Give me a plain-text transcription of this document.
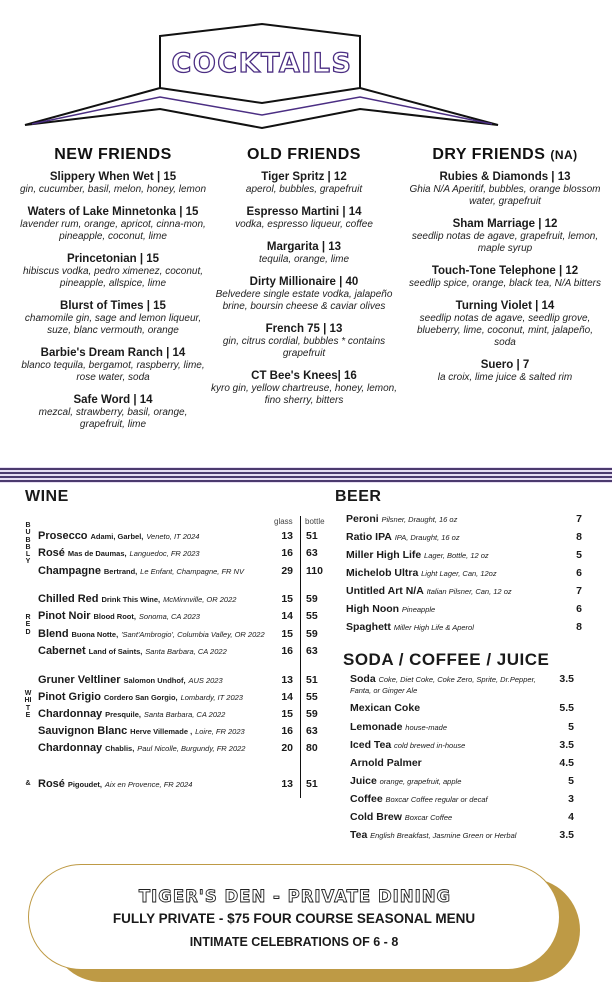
COCKTAILS
NEW FRIENDS
Slippery When Wet | 15
gin, cucumber, basil, melon, honey, lemon
Waters of Lake Minnetonka | 15
lavender rum, orange, apricot, cinna-mon, pineapple, coconut, lime
Princetonian | 15
hibiscus vodka, pedro ximenez, coconut, pineapple, allspice, lime
Blurst of Times | 15
chamomile gin, sage and lemon liqueur, suze, blanc vermouth, orange
Barbie's Dream Ranch | 14
blanco tequila, bergamot, raspberry, lime, rose water, soda
Safe Word | 14
mezcal, strawberry, basil, orange, grapefruit, lime
OLD FRIENDS
Tiger Spritz | 12
aperol, bubbles, grapefruit
Espresso Martini | 14
vodka, espresso liqueur, coffee
Margarita | 13
tequila, orange, lime
Dirty Millionaire | 40
Belvedere single estate vodka, jalapeño brine, boursin cheese & caviar olives
French 75 | 13
gin, citrus cordial, bubbles * contains grapefruit
CT Bee's Knees| 16
kyro gin, yellow chartreuse, honey, lemon, fino sherry, bitters
DRY FRIENDS (NA)
Rubies & Diamonds | 13
Ghia N/A Aperitif, bubbles, orange blossom water, grapefruit
Sham Marriage | 12
seedlip notas de agave, grapefruit, lemon, maple syrup
Touch-Tone Telephone | 12
seedlip spice, orange, black tea, N/A bitters
Turning Violet | 14
seedlip notas de agave, seedlip grove, blueberry, lime, coconut, mint, jalapeño, soda
Suero | 7
la croix, lime juice & salted rim
WINE
glass bottle
BUBBLY
Prosecco Adami, Garbel, Veneto, IT 2024	13 51
Rosé Mas de Daumas, Languedoc, FR 2023	16 63
Champagne Bertrand, Le Enfant, Champagne, FR NV	29 110
RED
Chilled Red Drink This Wine, McMinnville, OR 2022	15 59
Pinot Noir Blood Root, Sonoma, CA 2023	14 55
Blend Buona Notte, 'Sant'Ambrogio', Columbia Valley, OR 2022	15 59
Cabernet Land of Saints, Santa Barbara, CA 2022	16 63
WHITE
Gruner Veltliner Salomon Undhof, AUS 2023	13 51
Pinot Grigio Cordero San Gorgio, Lombardy, IT 2023	14 55
Chardonnay Presquile, Santa Barbara, CA 2022	15 59
Sauvignon Blanc Herve Villemade , Loire, FR 2023	16 63
Chardonnay Chablis, Paul Nicolle, Burgundy, FR 2022	20 80
& Rosé Pigoudet, Aix en Provence, FR 2024	13 51
BEER
Peroni Pilsner, Draught, 16 oz	7
Ratio IPA IPA, Draught, 16 oz	8
Miller High Life Lager, Bottle, 12 oz	5
Michelob Ultra Light Lager, Can, 12oz	6
Untitled Art N/A Italian Pilsner, Can, 12 oz	7
High Noon Pineapple	6
Spaghett Miller High Life & Aperol	8
SODA / COFFEE / JUICE
Soda Coke, Diet Coke, Coke Zero, Sprite, Dr.Pepper, Fanta, or Ginger Ale
3.5
Mexican Coke	5.5
Lemonade house-made	5
Iced Tea cold brewed in-house	3.5
Arnold Palmer	4.5
Juice orange, grapefruit, apple	5
Coffee Boxcar Coffee regular or decaf	3
Cold Brew Boxcar Coffee	4
Tea English Breakfast, Jasmine Green or Herbal	3.5
TIGER'S DEN - PRIVATE DINING
FULLY PRIVATE - $75 FOUR COURSE SEASONAL MENU
INTIMATE CELEBRATIONS OF 6 - 8
